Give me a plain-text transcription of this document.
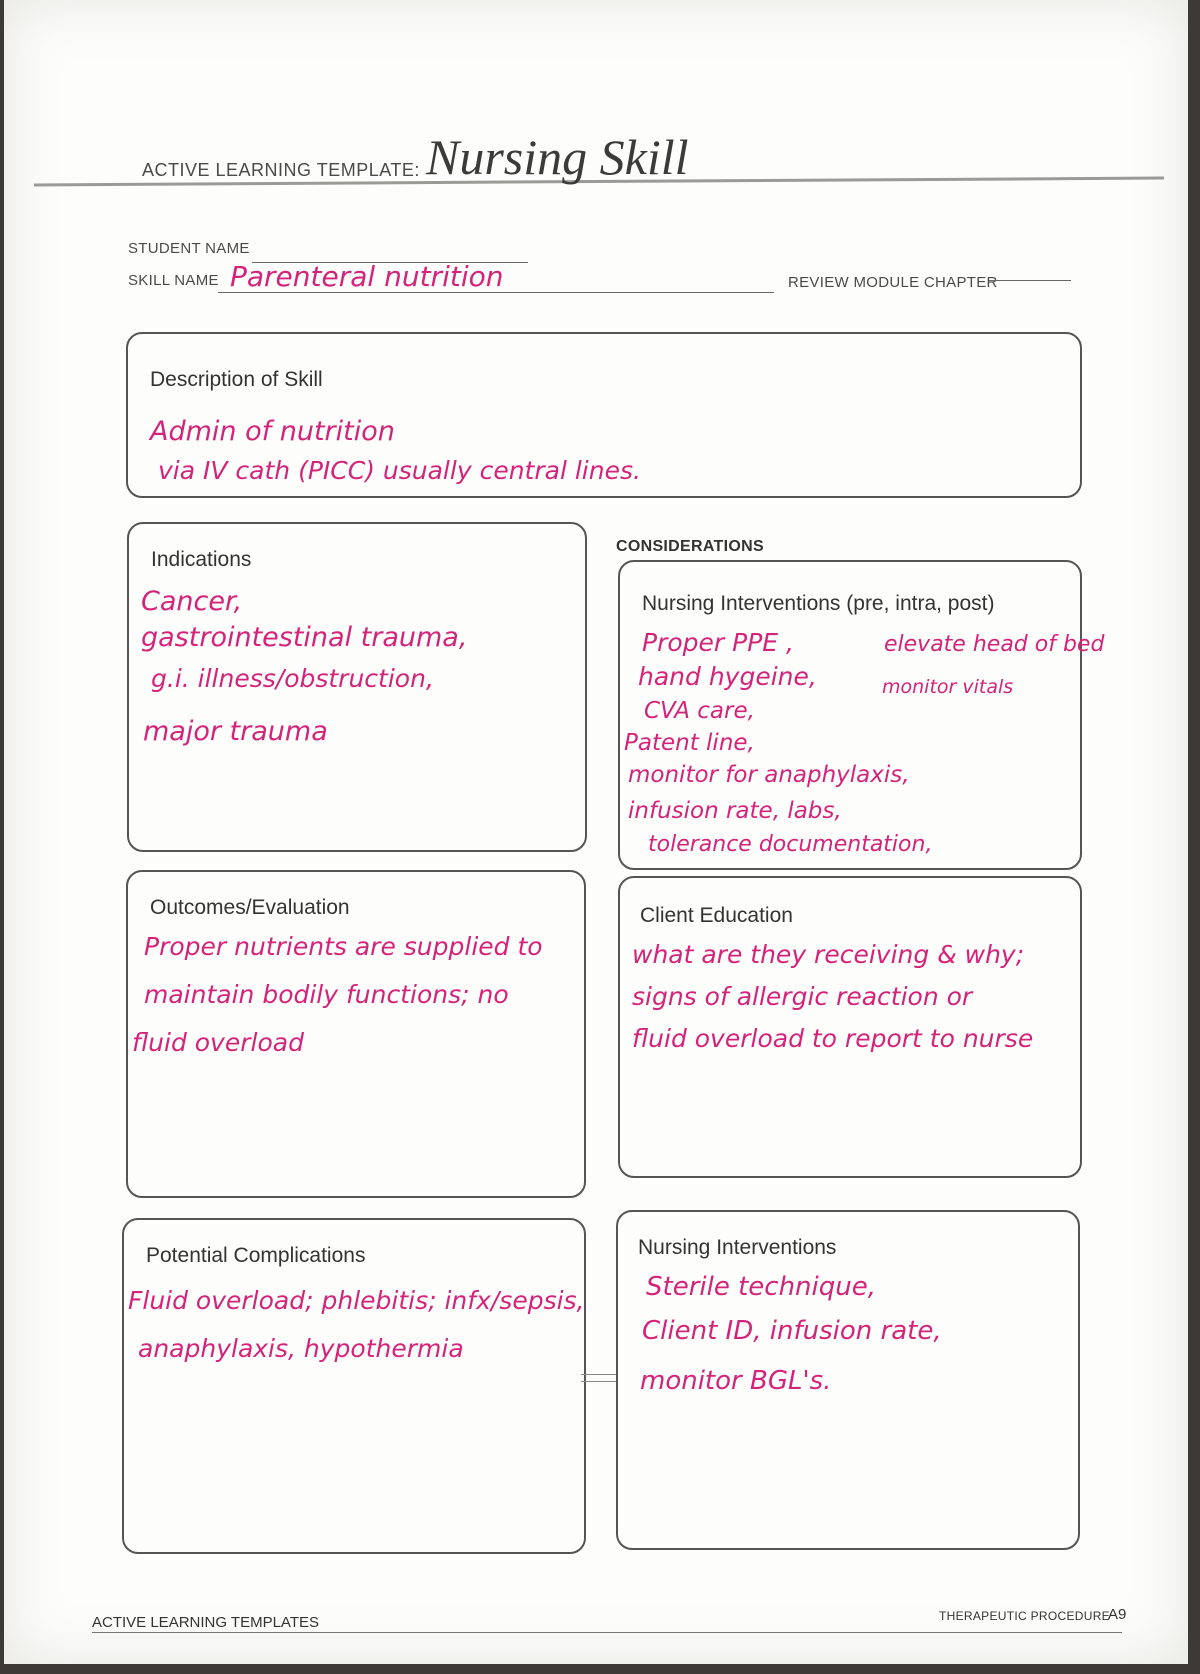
ACTIVE LEARNING TEMPLATE: Nursing Skill
STUDENT NAME
SKILL NAME Parenteral nutrition	REVIEW MODULE CHAPTER
Description of Skill
Admin of nutrition
via IV cath (PICC) usually central lines.
Indications
Cancer,
gastrointestinal trauma,
g.i. illness/obstruction,
major trauma
CONSIDERATIONS
Nursing Interventions (pre, intra, post)
Proper PPE ,
hand hygeine,
CVA care,
Patent line,
monitor for anaphylaxis,
infusion rate, labs,
tolerance documentation,
elevate head of bed
monitor vitals
Outcomes/Evaluation
Proper nutrients are supplied to
maintain bodily functions; no
fluid overload
Client Education
what are they receiving & why;
signs of allergic reaction or
fluid overload to report to nurse
Potential Complications
Fluid overload; phlebitis; infx/sepsis,
anaphylaxis, hypothermia
Nursing Interventions
Sterile technique,
Client ID, infusion rate,
monitor BGL's.
ACTIVE LEARNING TEMPLATES	THERAPEUTIC PROCEDURE
A9
